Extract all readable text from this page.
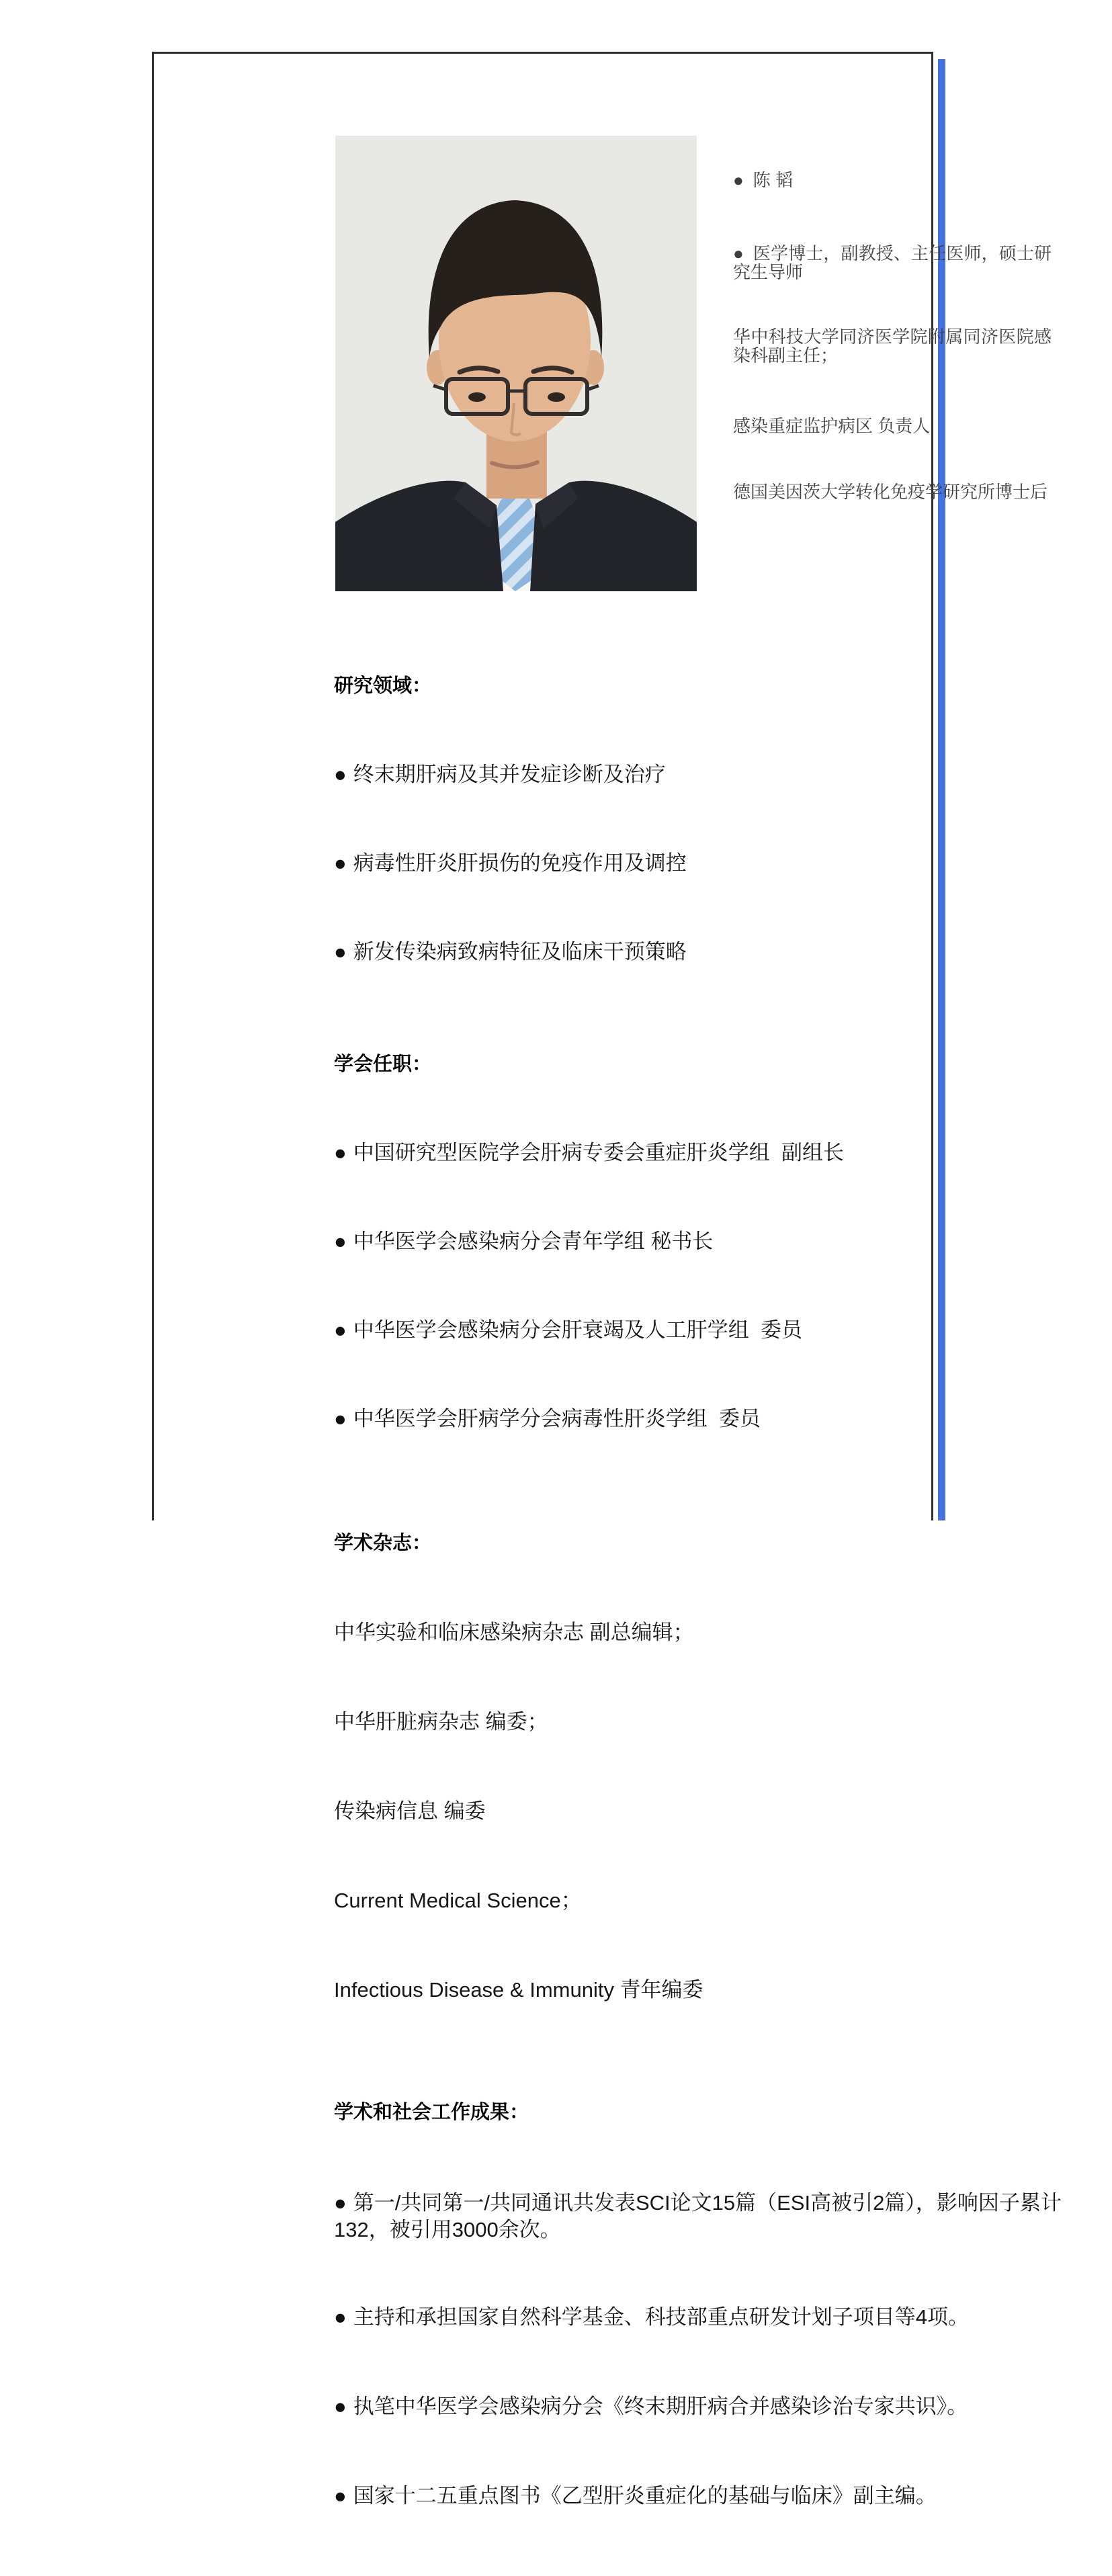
● 陈 韬

● 医学博士，副教授、主任医师，硕士研究生导师

华中科技大学同济医学院附属同济医院感染科副主任；

感染重症监护病区 负责人

德国美因茨大学转化免疫学研究所博士后

研究领域：

● 终末期肝病及其并发症诊断及治疗

● 病毒性肝炎肝损伤的免疫作用及调控

● 新发传染病致病特征及临床干预策略

学会任职：

● 中国研究型医院学会肝病专委会重症肝炎学组  副组长

● 中华医学会感染病分会青年学组 秘书长

● 中华医学会感染病分会肝衰竭及人工肝学组  委员

● 中华医学会肝病学分会病毒性肝炎学组  委员

学术杂志：

中华实验和临床感染病杂志 副总编辑；

中华肝脏病杂志 编委；

传染病信息 编委

Current Medical Science；

Infectious Disease & Immunity 青年编委

学术和社会工作成果：

● 第一/共同第一/共同通讯共发表SCI论文15篇（ESI高被引2篇），影响因子累计132，被引用3000余次。

● 主持和承担国家自然科学基金、科技部重点研发计划子项目等4项。

● 执笔中华医学会感染病分会《终末期肝病合并感染诊治专家共识》。

● 国家十二五重点图书《乙型肝炎重症化的基础与临床》副主编。
